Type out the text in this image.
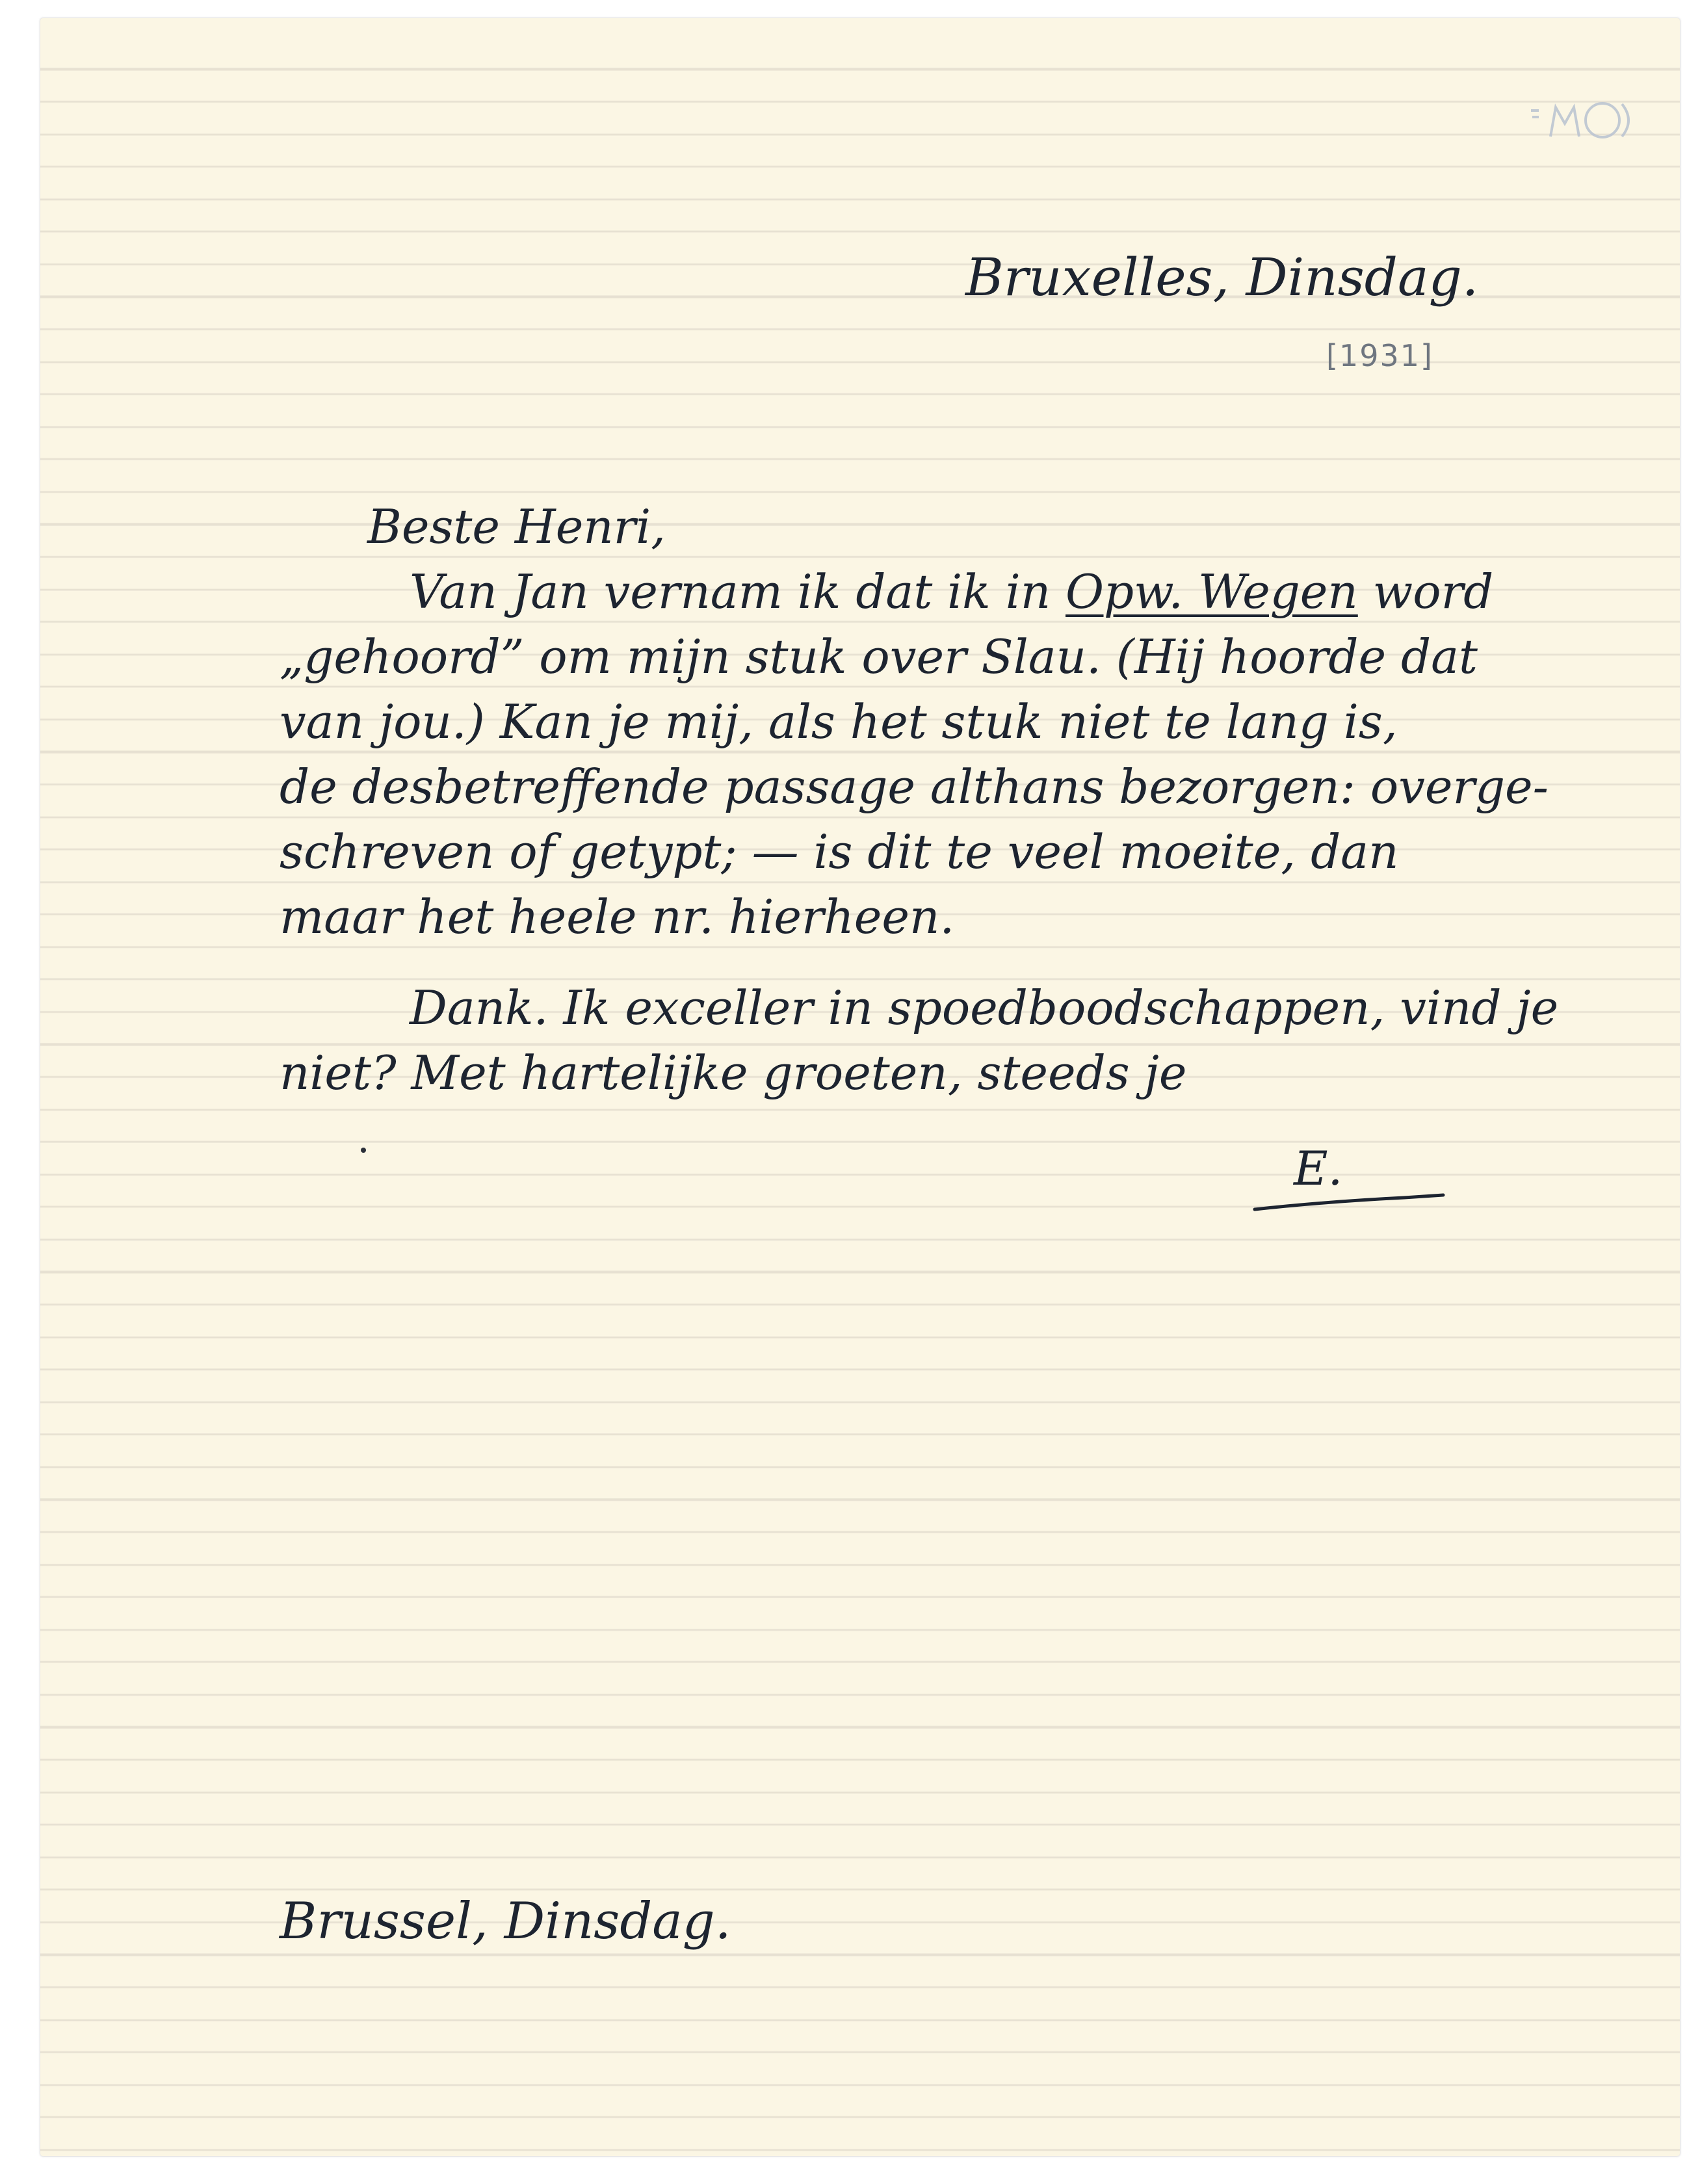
Bruxelles, Dinsdag.

[1931]

Beste Henri,

Van Jan vernam ik dat ik in Opw. Wegen word

„gehoord” om mijn stuk over Slau. (Hij hoorde dat

van jou.) Kan je mij, als het stuk niet te lang is,

de desbetreffende passage althans bezorgen: overge-

schreven of getypt; — is dit te veel moeite, dan

maar het heele nr. hierheen.

Dank. Ik exceller in spoedboodschappen, vind je

niet? Met hartelijke groeten, steeds je

E.

Brussel, Dinsdag.
